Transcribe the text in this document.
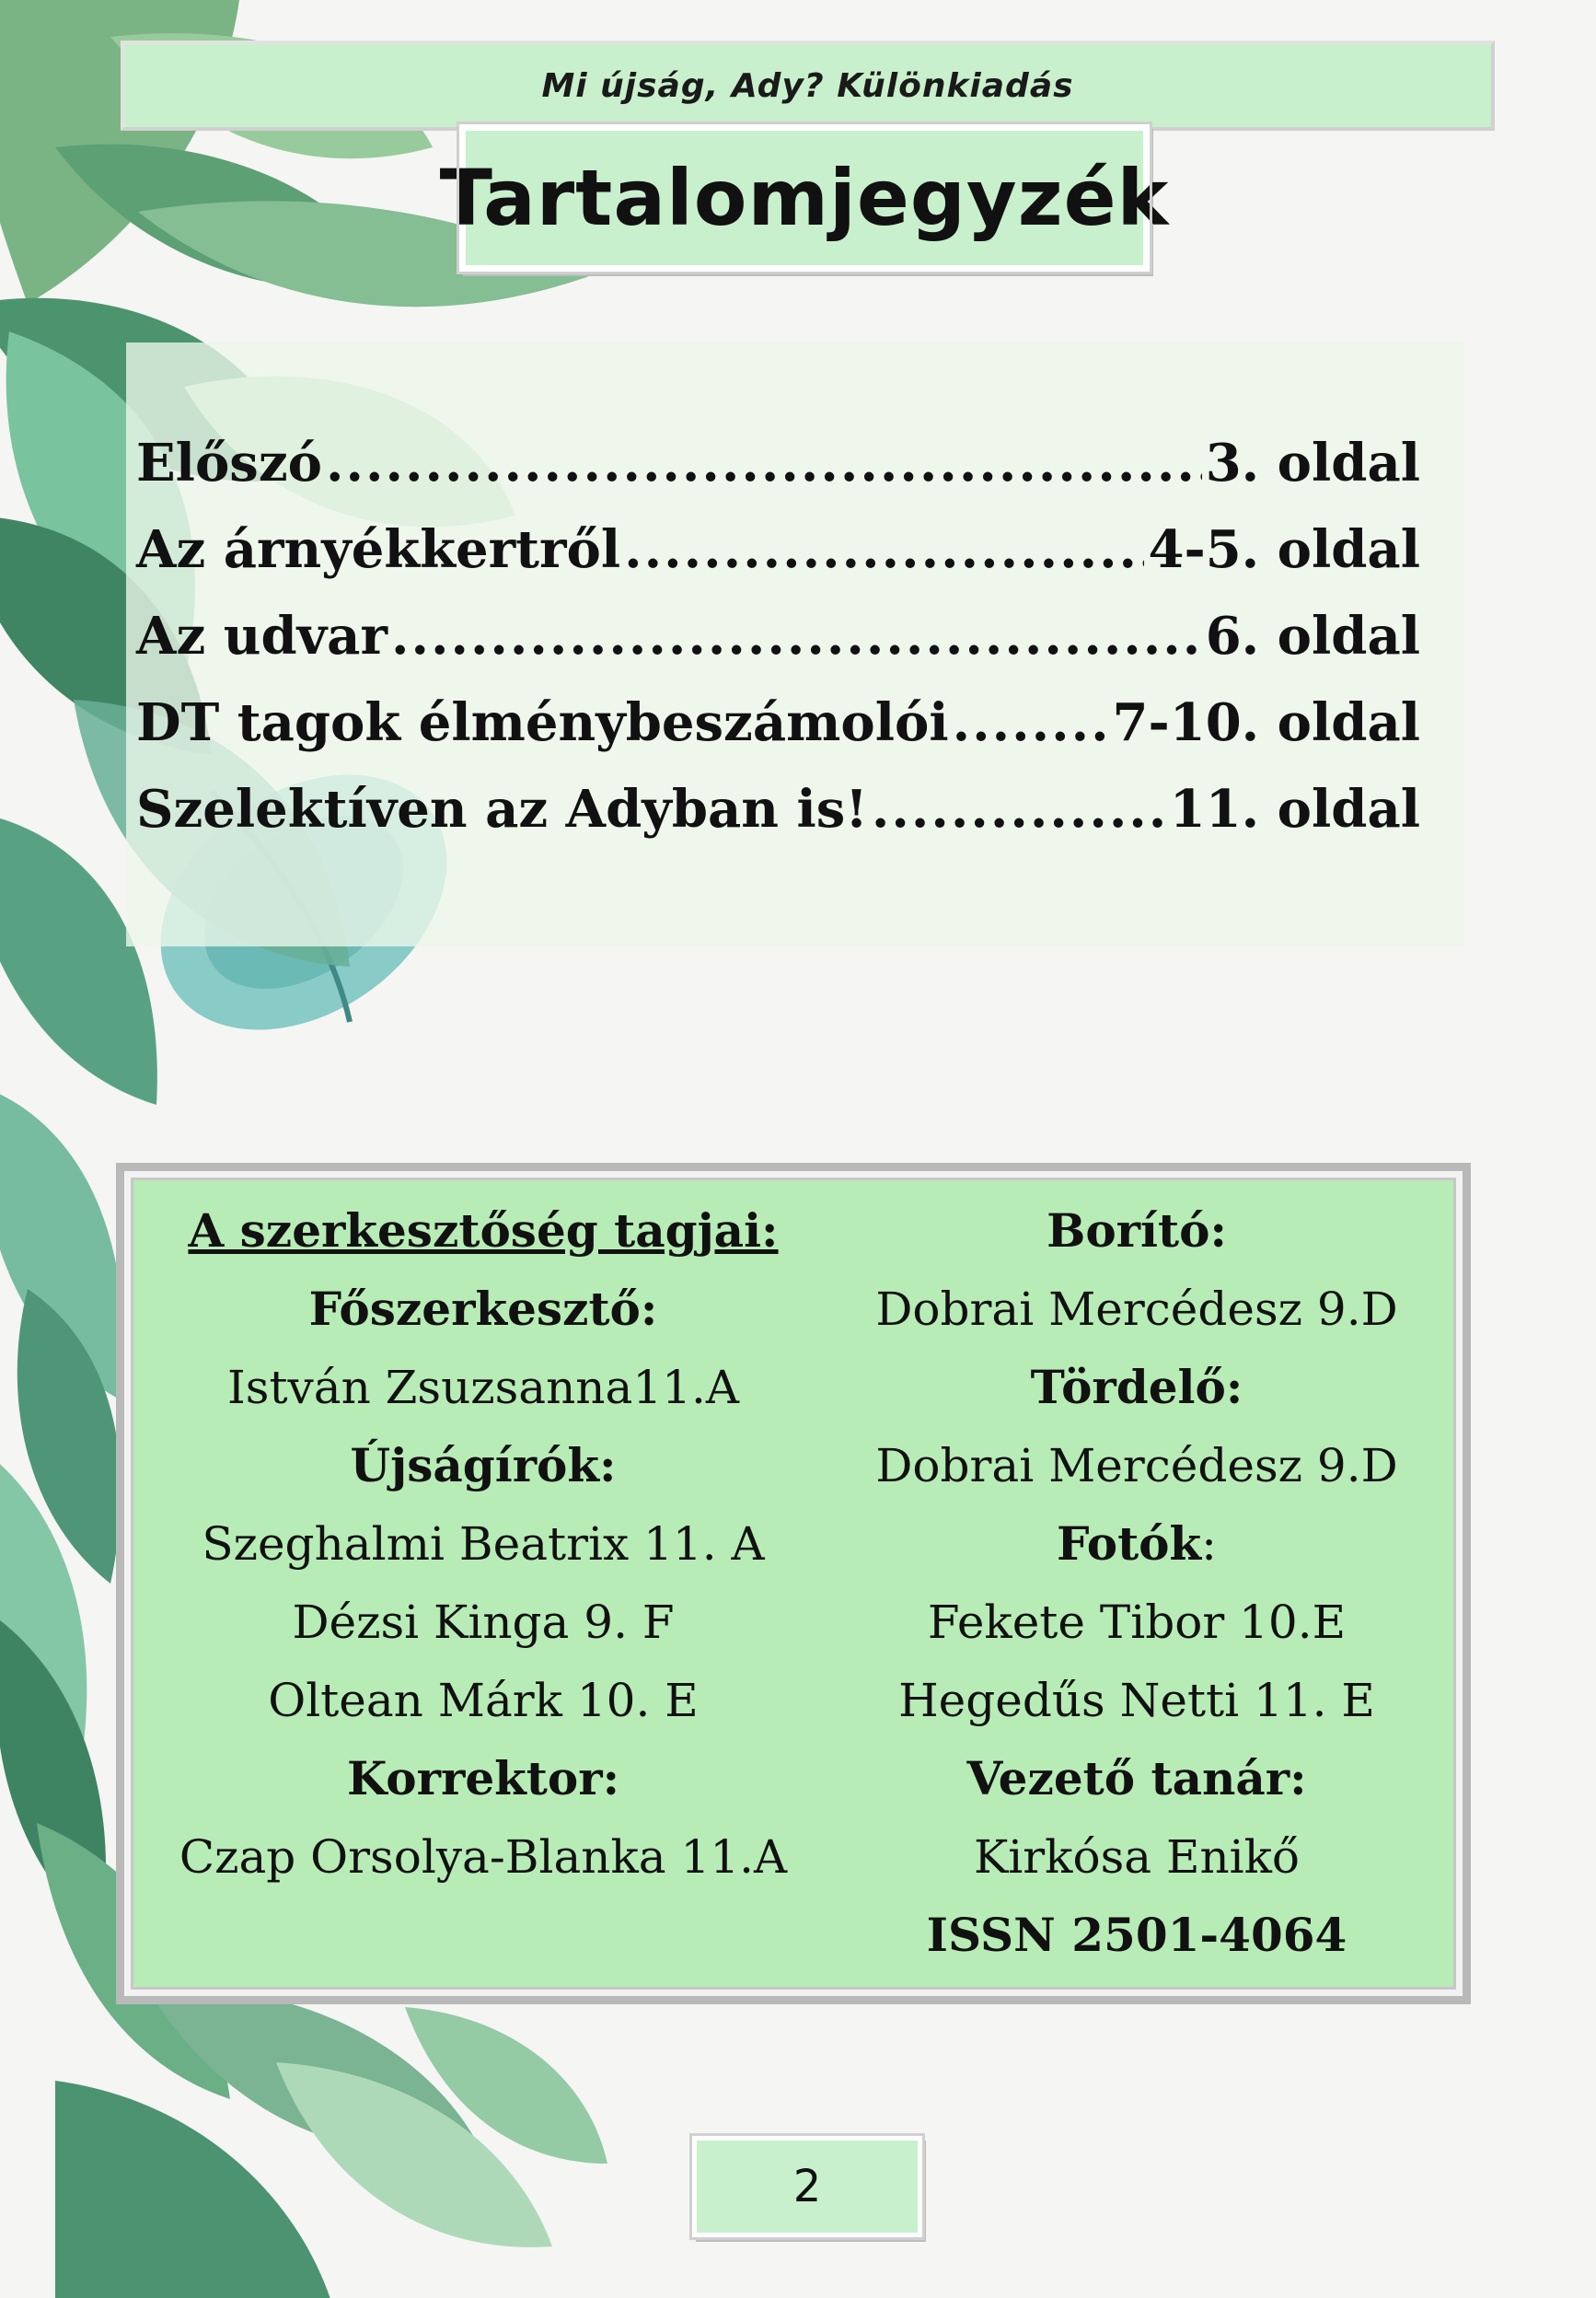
Mi újság, Ady? Különkiadás
Tartalomjegyzék
Előszó .....	3. oldal
Az árnyékkertről .....	4-5. oldal
Az udvar .....	6. oldal
DT tagok élménybeszámolói .....	7-10. oldal
Szelektíven az Adyban is! .....	11. oldal
A szerkesztőség tagjai:
Főszerkesztő:
István Zsuzsanna11.A
Újságírók:
Szeghalmi Beatrix 11. A
Dézsi Kinga 9. F
Oltean Márk 10. E
Korrektor:
Czap Orsolya-Blanka 11.A
Borító:
Dobrai Mercédesz 9.D
Tördelő:
Dobrai Mercédesz 9.D
Fotók:
Fekete Tibor 10.E
Hegedűs Netti 11. E
Vezető tanár:
Kirkósa Enikő
ISSN 2501-4064
2
